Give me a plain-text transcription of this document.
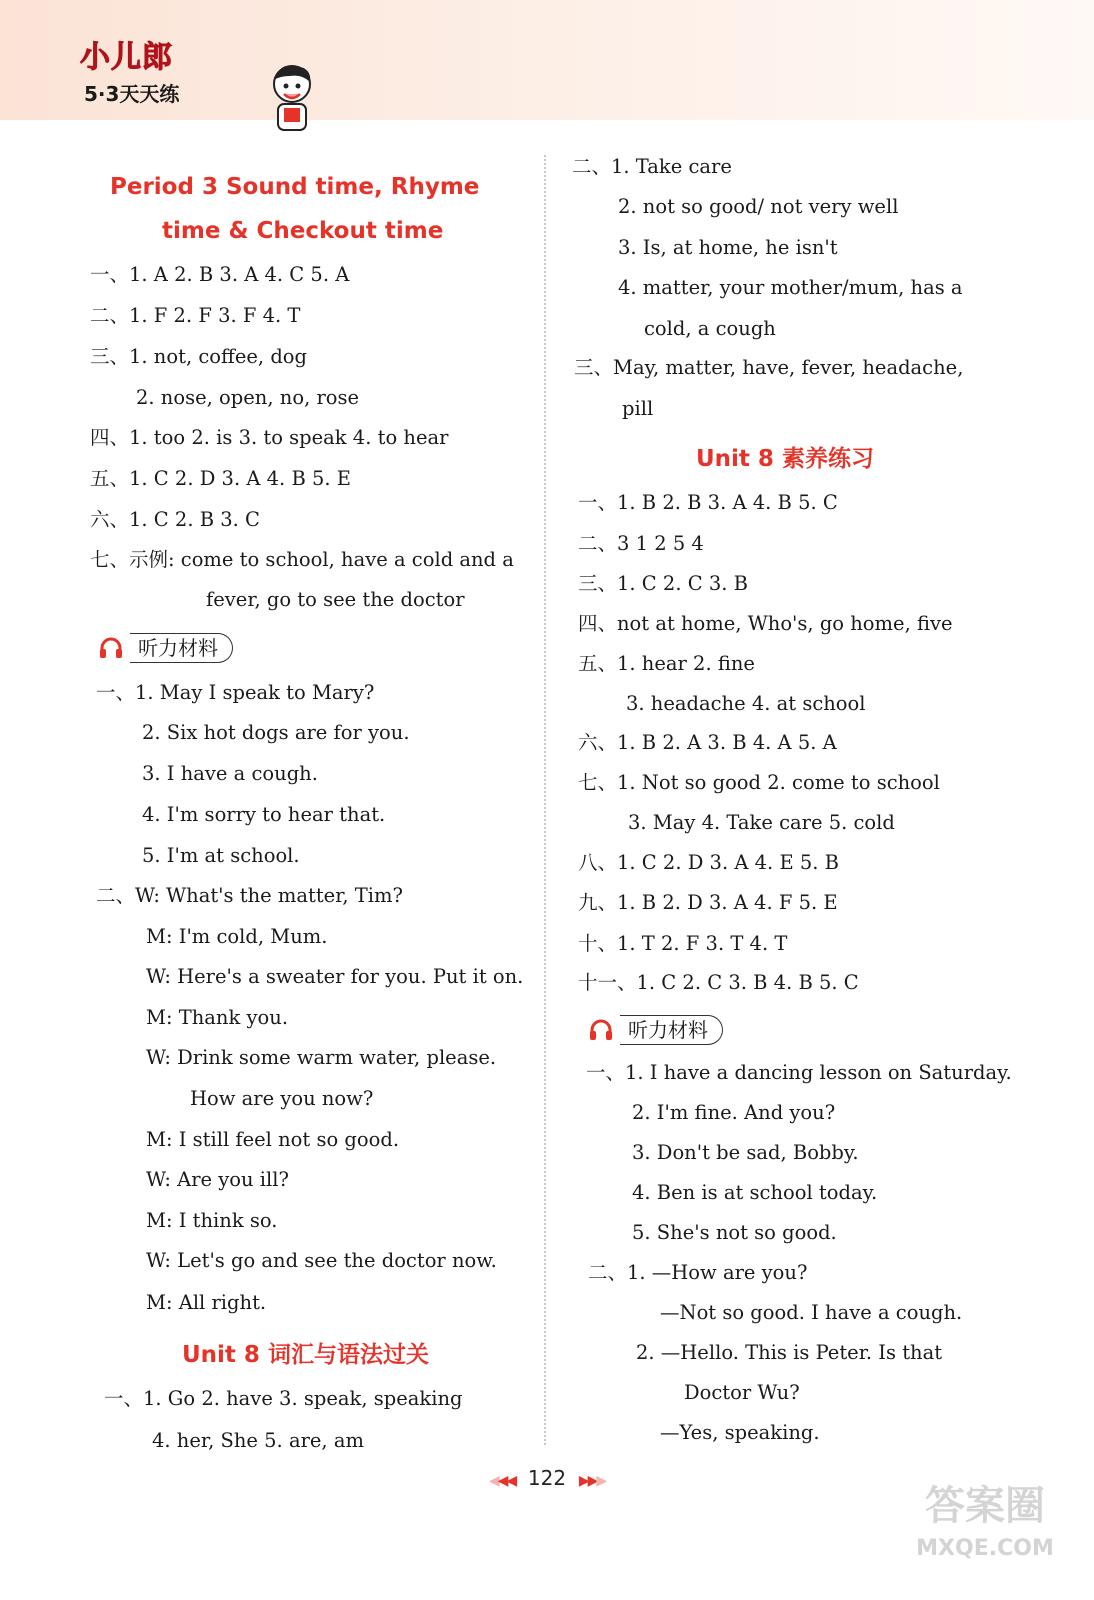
小儿郎
5·3天天练
Period 3 Sound time, Rhyme
time & Checkout time
一、1. A 2. B 3. A 4. C 5. A
二、1. F 2. F 3. F 4. T
三、1. not, coffee, dog
2. nose, open, no, rose
四、1. too 2. is 3. to speak 4. to hear
五、1. C 2. D 3. A 4. B 5. E
六、1. C 2. B 3. C
七、示例: come to school, have a cold and a
fever, go to see the doctor
听力材料
一、1. May I speak to Mary?
2. Six hot dogs are for you.
3. I have a cough.
4. I'm sorry to hear that.
5. I'm at school.
二、W: What's the matter, Tim?
M: I'm cold, Mum.
W: Here's a sweater for you. Put it on.
M: Thank you.
W: Drink some warm water, please.
How are you now?
M: I still feel not so good.
W: Are you ill?
M: I think so.
W: Let's go and see the doctor now.
M: All right.
Unit 8 词汇与语法过关
一、1. Go 2. have 3. speak, speaking
4. her, She 5. are, am
二、1. Take care
2. not so good/ not very well
3. Is, at home, he isn't
4. matter, your mother/mum, has a
cold, a cough
三、May, matter, have, fever, headache,
pill
Unit 8 素养练习
一、1. B 2. B 3. A 4. B 5. C
二、3 1 2 5 4
三、1. C 2. C 3. B
四、not at home, Who's, go home, five
五、1. hear 2. fine
3. headache 4. at school
六、1. B 2. A 3. B 4. A 5. A
七、1. Not so good 2. come to school
3. May 4. Take care 5. cold
八、1. C 2. D 3. A 4. E 5. B
九、1. B 2. D 3. A 4. F 5. E
十、1. T 2. F 3. T 4. T
十一、1. C 2. C 3. B 4. B 5. C
听力材料
一、1. I have a dancing lesson on Saturday.
2. I'm fine. And you?
3. Don't be sad, Bobby.
4. Ben is at school today.
5. She's not so good.
二、1. —How are you?
—Not so good. I have a cough.
2. —Hello. This is Peter. Is that
Doctor Wu?
—Yes, speaking.
◀◀◀ 122 ▶▶▶
答案圈
MXQE.COM
